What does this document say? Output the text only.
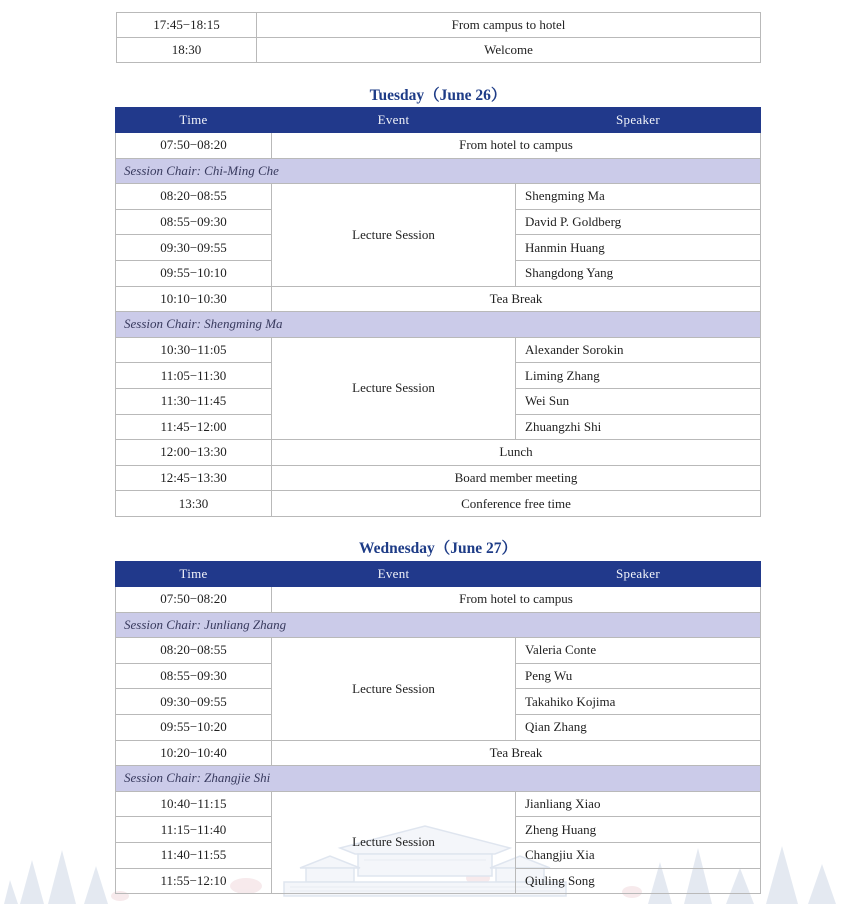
17:45−18:15	From campus to hotel
18:30	Welcome
Tuesday（June 26）
Time	Event	Speaker
07:50−08:20	From hotel to campus	
Session Chair: Chi-Ming Che		
08:20−08:55	Lecture Session	Shengming Ma
08:55−09:30		David P. Goldberg
09:30−09:55		Hanmin Huang
09:55−10:10		Shangdong Yang
10:10−10:30	Tea Break	
Session Chair: Shengming Ma		
10:30−11:05	Lecture Session	Alexander Sorokin
11:05−11:30		Liming Zhang
11:30−11:45		Wei Sun
11:45−12:00		Zhuangzhi Shi
12:00−13:30	Lunch	
12:45−13:30	Board member meeting	
13:30	Conference free time	
Wednesday（June 27）
Time	Event	Speaker
07:50−08:20	From hotel to campus	
Session Chair: Junliang Zhang		
08:20−08:55	Lecture Session	Valeria Conte
08:55−09:30		Peng Wu
09:30−09:55		Takahiko Kojima
09:55−10:20		Qian Zhang
10:20−10:40	Tea Break	
Session Chair: Zhangjie Shi		
10:40−11:15	Lecture Session	Jianliang Xiao
11:15−11:40		Zheng Huang
11:40−11:55		Changjiu Xia
11:55−12:10		Qiuling Song
